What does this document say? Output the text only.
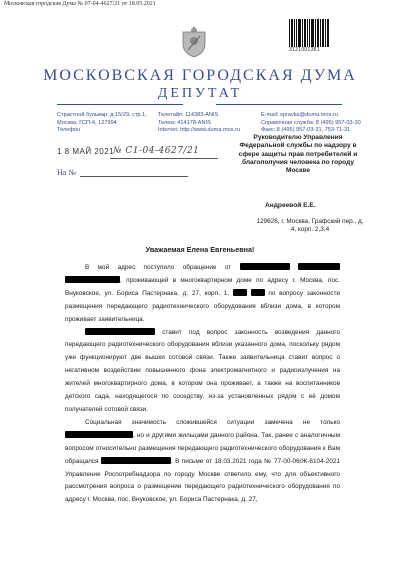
Московская городская Дума № 07-04-4627/21 от 18.05.2021
3121001381
МОСКОВСКАЯ ГОРОДСКАЯ ДУМА
ДЕПУТАТ
Страстной бульвар, д.15/29, стр.1,
Москва, ГСП-4, 127994
Телефон
Телетайп: 114383-ANIS
Телекс 414178-ANIS
Internet: http://www.duma.mos.ru
E-mail: spravka@duma.mos.ru
Справочная служба: 8 (495) 957-03-30
Факс: 8 (495) 957-03-31, 753-71-31
1 8 МАЙ 2021
№ С1-04-4627/21
На №
Руководителю Управления Федеральной службы по надзору в сфере защиты прав потребителей и благополучия человека по городу Москве
Андреевой Е.Е.
129626, г. Москва, Графский пер., д. 4, корп. 2,3,4
Уважаемая Елена Евгеньевна!

В мой адрес поступило обращение от   , проживающей в многоквартирном доме по адресу г. Москва, пос. Внуковское, ул. Бориса Пастернака, д. 27, корп. 1,	по вопросу законности размещения передающего радиотехнического оборудования вблизи дома, в котором проживает заявительница.

ставит под вопрос законность возведения данного передающего радиотехнического оборудования вблизи указанного дома, поскольку рядом уже функционируют две вышки сотовой связи. Также заявительница ставит вопрос о негативном воздействии повышенного фона электромагнитного и радиоизлучения на жителей многоквартирного дома, в котором она проживает, а также на воспитанников детского сада, находящегося по соседству, из-за установленных рядом с её домом получателей сотовой связи.

Социальная значимость сложившейся ситуации замечена не только , но и другими жильцами данного района. Так, ранее с аналогичным вопросом относительно размещения передающего радиотехнического оборудования к Вам обращался	. В письме от 18.03.2021 года № 77-00-06/Ж-6104-2021 Управление Роспотребнадзора по городу Москве ответило ему, что для объективного рассмотрения вопроса о размещении передающего радиотехнического оборудования по адресу г. Москва, пос. Внуковское, ул. Бориса Пастернака, д. 27,
